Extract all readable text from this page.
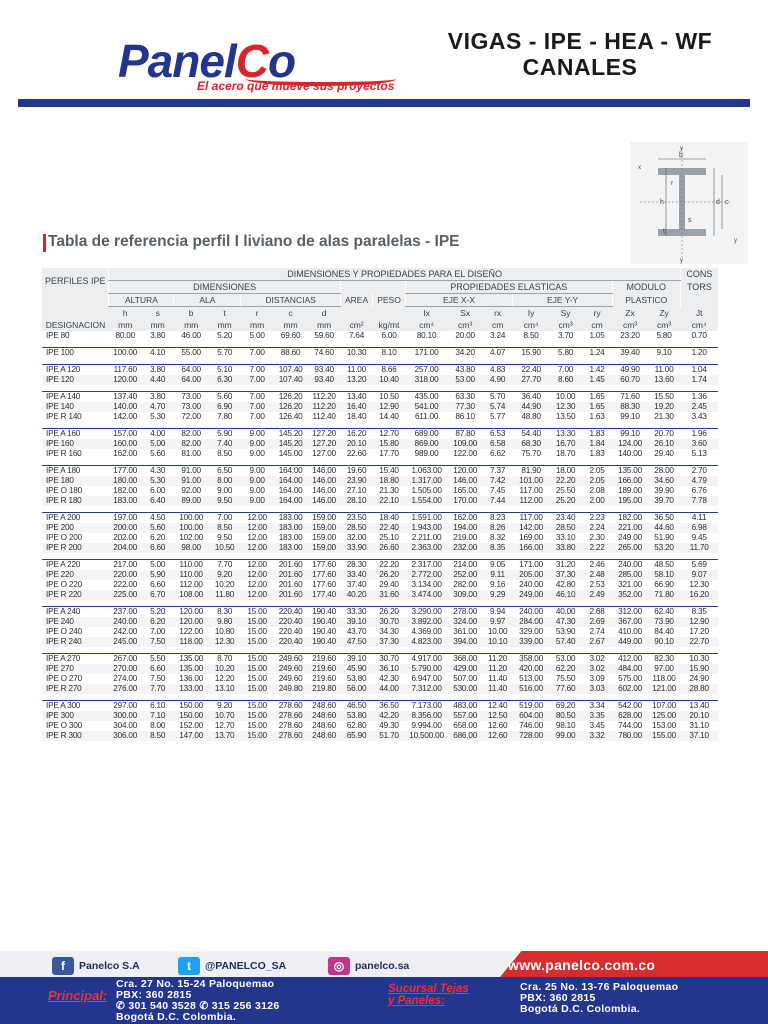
PanelCo
El acero que mueve sus proyectos
VIGAS - IPE - HEA - WF
CANALES
b
y
x
r
h	d c
s
t
y
y
Tabla de referencia perfil I liviano de alas paralelas - IPE
PERFILES IPE	DIMENSIONES Y PROPIEDADES PARA EL DISEÑO																	CONS
	DIMENSIONES									PROPIEDADES ELASTICAS						MODULO		TORS
	ALTURA		ALA		DISTANCIAS			AREA	PESO	EJE X-X			EJE Y-Y			PLASTICO		
	h	s	b	t	r	c	d			Ix	Sx	rx	Iy	Sy	ry	Zx	Zy	Jt
DESIGNACION	mm	mm	mm	mm	mm	mm	mm	cm²	kg/mt	cm⁴	cm³	cm	cm⁴	cm³	cm	cm³	cm³	cm⁴
IPE 80	80.00	3.80	46.00	5.20	5.00	69.60	59.60	7.64	6.00	80.10	20.00	3.24	8.50	3.70	1.05	23.20	5.80	0.70

IPE 100	100.00	4.10	55.00	5.70	7.00	88.60	74.60	10.30	8.10	171.00	34.20	4.07	15.90	5.80	1.24	39.40	9.10	1.20

IPE A 120	117.60	3.80	64.00	5.10	7.00	107.40	93.40	11.00	8.66	257.00	43.80	4.83	22.40	7.00	1.42	49.90	11.00	1.04
IPE 120	120.00	4.40	64.00	6.30	7.00	107.40	93.40	13.20	10.40	318.00	53.00	4.90	27.70	8.60	1.45	60.70	13.60	1.74

IPE A 140	137.40	3.80	73.00	5.60	7.00	126.20	112.20	13.40	10.50	435.00	63.30	5.70	36.40	10.00	1.65	71.60	15.50	1.36
IPE 140	140.00	4.70	73.00	6.90	7.00	126.20	112.20	16.40	12.90	541.00	77.30	5.74	44.90	12.30	1.65	88.30	19.20	2.45
IPE R 140	142.00	5.30	72.00	7.80	7.00	126.40	112.40	18.40	14.40	611.00	86.10	5.77	48.80	13.50	1.63	99.10	21.30	3.43

IPE A 160	157.00	4.00	82.00	5.90	9.00	145.20	127.20	16.20	12.70	689.00	87.80	6.53	54.40	13.30	1.83	99.10	20.70	1.96
IPE 160	160.00	5.00	82.00	7.40	9.00	145.20	127.20	20.10	15.80	869.00	109.00	6.58	68.30	16.70	1.84	124.00	26.10	3.60
IPE R 160	162.00	5.60	81.00	8.50	9.00	145.00	127.00	22.60	17.70	989.00	122.00	6.62	75.70	18.70	1.83	140.00	29.40	5.13

IPE A 180	177.00	4.30	91.00	6.50	9.00	164.00	146.00	19.60	15.40	1.063.00	120.00	7.37	81.90	18.00	2.05	135.00	28.00	2.70
IPE 180	180.00	5.30	91.00	8.00	9.00	164.00	146.00	23.90	18.80	1.317.00	146.00	7.42	101.00	22.20	2.05	166.00	34.60	4.79
IPE O 180	182.00	6.00	92.00	9.00	9.00	164.00	146.00	27.10	21.30	1.505.00	165.00	7.45	117.00	25.50	2.08	189.00	39.90	6.76
IPE R 180	183.00	6.40	89.00	9.50	9.00	164.00	146.00	28.10	22.10	1.554.00	170.00	7.44	112.00	25.20	2.00	195.00	39.70	7.78

IPE A 200	197.00	4.50	100.00	7.00	12.00	183.00	159.00	23.50	18.40	1.591.00	162.00	8.23	117.00	23.40	2.23	182.00	36.50	4.11
IPE 200	200.00	5.60	100.00	8.50	12.00	183.00	159.00	28.50	22.40	1.943.00	194.00	8.26	142.00	28.50	2.24	221.00	44.60	6.98
IPE O 200	202.00	6.20	102.00	9.50	12.00	183.00	159.00	32.00	25.10	2.211.00	219.00	8.32	169.00	33.10	2.30	249.00	51.90	9.45
IPE R 200	204.00	6.60	98.00	10.50	12.00	183.00	159.00	33.90	26.60	2.363.00	232.00	8.35	166.00	33.80	2.22	265.00	53.20	11.70

IPE A 220	217.00	5.00	110.00	7.70	12.00	201.60	177.60	28.30	22.20	2.317.00	214.00	9.05	171.00	31.20	2.46	240.00	48.50	5.69
IPE 220	220.00	5.90	110.00	9.20	12.00	201.60	177.60	33.40	26.20	2.772.00	252.00	9.11	205.00	37.30	2.48	285.00	58.10	9.07
IPE O 220	222.00	6.60	112.00	10.20	12.00	201.60	177.60	37.40	29.40	3.134.00	282.00	9.16	240.00	42.80	2.53	321.00	66.90	12.30
IPE R 220	225.00	6.70	108.00	11.80	12.00	201.60	177.40	40.20	31.60	3.474.00	309.00	9.29	249.00	46.10	2.49	352.00	71.80	16.20

IPE A 240	237.00	5.20	120.00	8.30	15.00	220.40	190.40	33.30	26.20	3.290.00	278.00	9.94	240.00	40.00	2.68	312.00	62.40	8.35
IPE 240	240.00	6.20	120.00	9.80	15.00	220.40	190.40	39.10	30.70	3.892.00	324.00	9.97	284.00	47.30	2.69	367.00	73.90	12.90
IPE O 240	242.00	7.00	122.00	10.80	15.00	220.40	190.40	43.70	34.30	4.369.00	361.00	10.00	329.00	53.90	2.74	410.00	84.40	17.20
IPE R 240	245.00	7.50	118.00	12.30	15.00	220.40	190.40	47.50	37.30	4.823.00	394.00	10.10	339.00	57.40	2.67	449.00	90.10	22.70

IPE A 270	267.00	5.50	135.00	8.70	15.00	249.60	219.60	39.10	30.70	4.917.00	368.00	11.20	358.00	53.00	3.02	412.00	82.30	10.30
IPE 270	270.00	6.60	135.00	10.20	15.00	249.60	219.60	45.90	36.10	5.790.00	429.00	11.20	420.00	62.20	3.02	484.00	97.00	15.90
IPE O 270	274.00	7.50	136.00	12.20	15.00	249.60	219.60	53.80	42.30	6.947.00	507.00	11.40	513.00	75.50	3.09	575.00	118.00	24.90
IPE R 270	276.00	7.70	133.00	13.10	15.00	249.80	219.80	56.00	44.00	7.312.00	530.00	11.40	516.00	77.60	3.03	602.00	121.00	28.80

IPE A 300	297.00	6.10	150.00	9.20	15.00	278.60	248.60	46.50	36.50	7.173.00	483.00	12.40	519.00	69.20	3.34	542.00	107.00	13.40
IPE 300	300.00	7.10	150.00	10.70	15.00	278.60	248.60	53.80	42.20	8.356.00	557.00	12.50	604.00	80.50	3.35	628.00	125.00	20.10
IPE O 300	304.00	8.00	152.00	12.70	15.00	278.60	248.60	62.80	49.30	9.994.00	658.00	12.60	746.00	98.10	3.45	744.00	153.00	31.10
IPE R 300	306.00	8.50	147.00	13.70	15.00	278.60	248.60	65.90	51.70	10.500.00	686.00	12.60	728.00	99.00	3.32	780.00	155.00	37.10
f	Panelco S.A	t	@PANELCO_SA	◎	panelco.sa	www.panelco.com.co
Cra. 27 No. 15-24 Paloquemao
PBX: 360 2815
Principal:
✆ 301 540 3528 ✆ 315 256 3126
Bogotá D.C. Colombia.
Sucursal Tejas
y Paneles:
Cra. 25 No. 13-76 Paloquemao
PBX: 360 2815
Bogotá D.C. Colombia.
